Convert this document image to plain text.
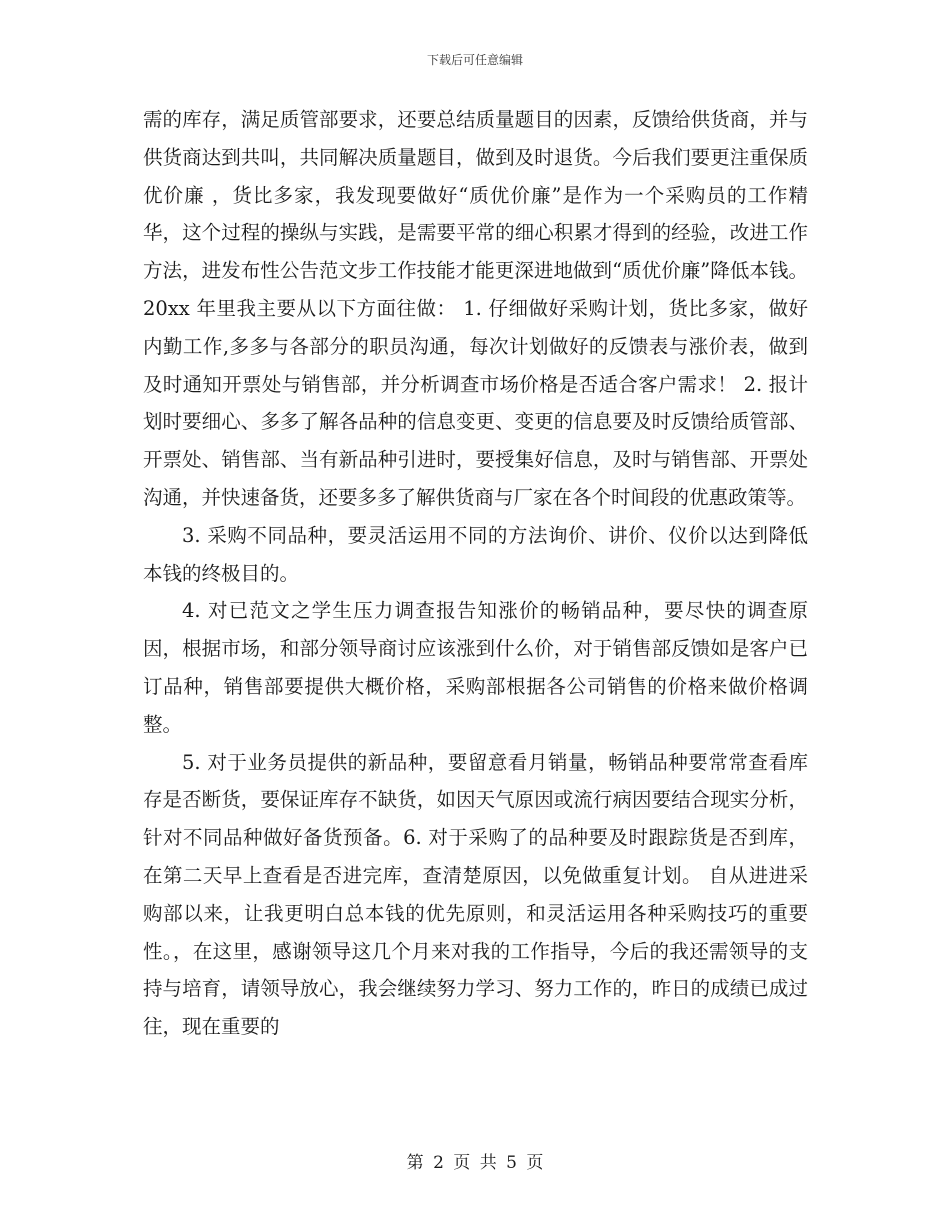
下载后可任意编辑

需的库存，满足质管部要求，还要总结质量题目的因素，反馈给供货商，并与供货商达到共叫，共同解决质量题目，做到及时退货。今后我们要更注重保质优价廉 ，货比多家，我发现要做好“质优价廉”是作为一个采购员的工作精华，这个过程的操纵与实践，是需要平常的细心积累才得到的经验，改进工作方法，进发布性公告范文步工作技能才能更深进地做到“质优价廉”降低本钱。20xx 年里我主要从以下方面往做： 1. 仔细做好采购计划，货比多家，做好内勤工作,多多与各部分的职员沟通，每次计划做好的反馈表与涨价表，做到及时通知开票处与销售部，并分析调查市场价格是否适合客户需求！ 2. 报计划时要细心、多多了解各品种的信息变更、变更的信息要及时反馈给质管部、开票处、销售部、当有新品种引进时，要授集好信息，及时与销售部、开票处沟通，并快速备货，还要多多了解供货商与厂家在各个时间段的优惠政策等。

3. 采购不同品种，要灵活运用不同的方法询价、讲价、仪价以达到降低本钱的终极目的。

4. 对已范文之学生压力调查报告知涨价的畅销品种，要尽快的调查原因，根据市场，和部分领导商讨应该涨到什么价，对于销售部反馈如是客户已订品种，销售部要提供大概价格，采购部根据各公司销售的价格来做价格调整。

5. 对于业务员提供的新品种，要留意看月销量，畅销品种要常常查看库存是否断货，要保证库存不缺货，如因天气原因或流行病因要结合现实分析，针对不同品种做好备货预备。6. 对于采购了的品种要及时跟踪货是否到库，在第二天早上查看是否进完库，查清楚原因，以免做重复计划。 自从进进采购部以来，让我更明白总本钱的优先原则，和灵活运用各种采购技巧的重要性。，在这里，感谢领导这几个月来对我的工作指导，今后的我还需领导的支持与培育，请领导放心，我会继续努力学习、努力工作的，昨日的成绩已成过往，现在重要的

第 2 页 共 5 页
